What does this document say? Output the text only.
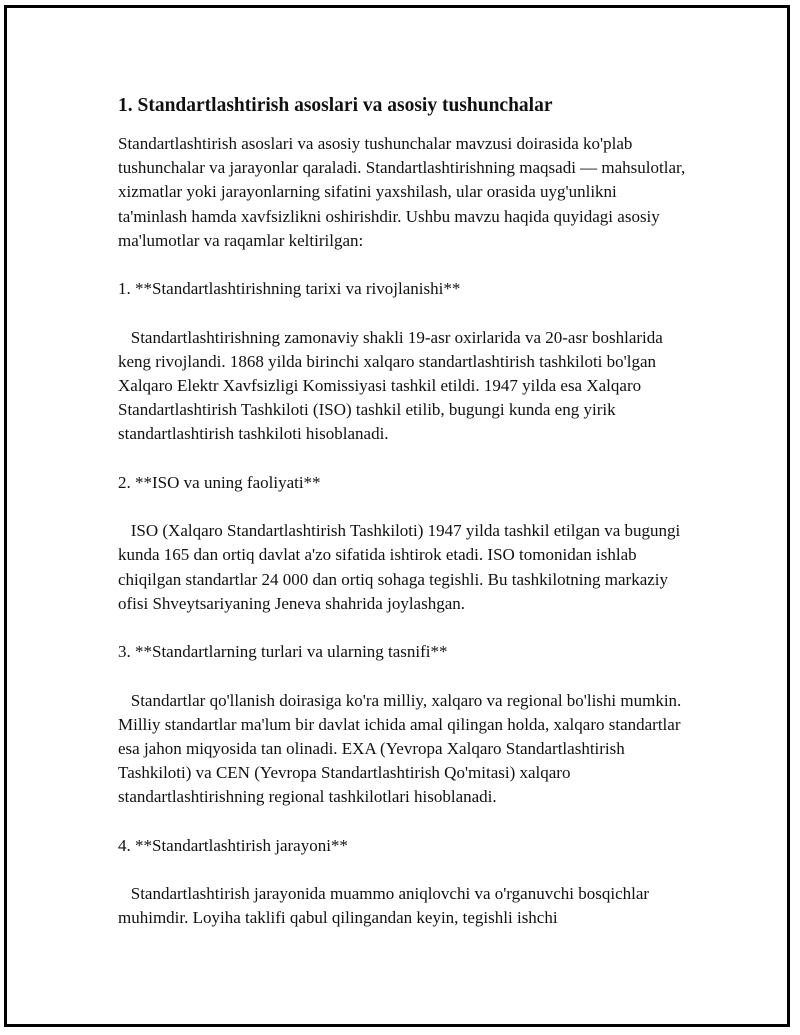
1. Standartlashtirish asoslari va asosiy tushunchalar

Standartlashtirish asoslari va asosiy tushunchalar mavzusi doirasida ko'plab tushunchalar va jarayonlar qaraladi. Standartlashtirishning maqsadi — mahsulotlar, xizmatlar yoki jarayonlarning sifatini yaxshilash, ular orasida uyg'unlikni ta'minlash hamda xavfsizlikni oshirishdir. Ushbu mavzu haqida quyidagi asosiy ma'lumotlar va raqamlar keltirilgan:

1. **Standartlashtirishning tarixi va rivojlanishi**

Standartlashtirishning zamonaviy shakli 19-asr oxirlarida va 20-asr boshlarida keng rivojlandi. 1868 yilda birinchi xalqaro standartlashtirish tashkiloti bo'lgan Xalqaro Elektr Xavfsizligi Komissiyasi tashkil etildi. 1947 yilda esa Xalqaro Standartlashtirish Tashkiloti (ISO) tashkil etilib, bugungi kunda eng yirik standartlashtirish tashkiloti hisoblanadi.

2. **ISO va uning faoliyati**

ISO (Xalqaro Standartlashtirish Tashkiloti) 1947 yilda tashkil etilgan va bugungi kunda 165 dan ortiq davlat a'zo sifatida ishtirok etadi. ISO tomonidan ishlab chiqilgan standartlar 24 000 dan ortiq sohaga tegishli. Bu tashkilotning markaziy ofisi Shveytsariyaning Jeneva shahrida joylashgan.

3. **Standartlarning turlari va ularning tasnifi**

Standartlar qo'llanish doirasiga ko'ra milliy, xalqaro va regional bo'lishi mumkin. Milliy standartlar ma'lum bir davlat ichida amal qilingan holda, xalqaro standartlar esa jahon miqyosida tan olinadi. EXA (Yevropa Xalqaro Standartlashtirish Tashkiloti) va CEN (Yevropa Standartlashtirish Qo'mitasi) xalqaro standartlashtirishning regional tashkilotlari hisoblanadi.

4. **Standartlashtirish jarayoni**

Standartlashtirish jarayonida muammo aniqlovchi va o'rganuvchi bosqichlar muhimdir. Loyiha taklifi qabul qilingandan keyin, tegishli ishchi
